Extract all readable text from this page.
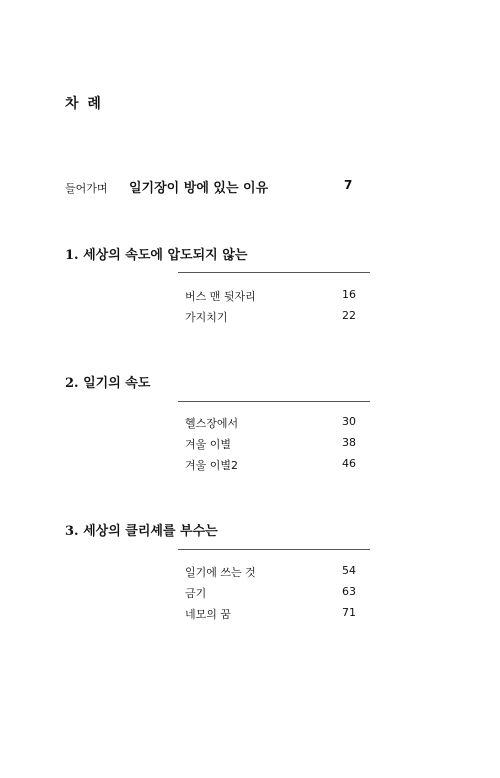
차 례
들어가며 일기장이 방에 있는 이유	7
1. 세상의 속도에 압도되지 않는
버스 맨 뒷자리	16
가지치기	22
2. 일기의 속도
헬스장에서	30
겨울 이별	38
겨울 이별2	46
3. 세상의 클리셰를 부수는
일기에 쓰는 것	54
금기	63
네모의 꿈	71
